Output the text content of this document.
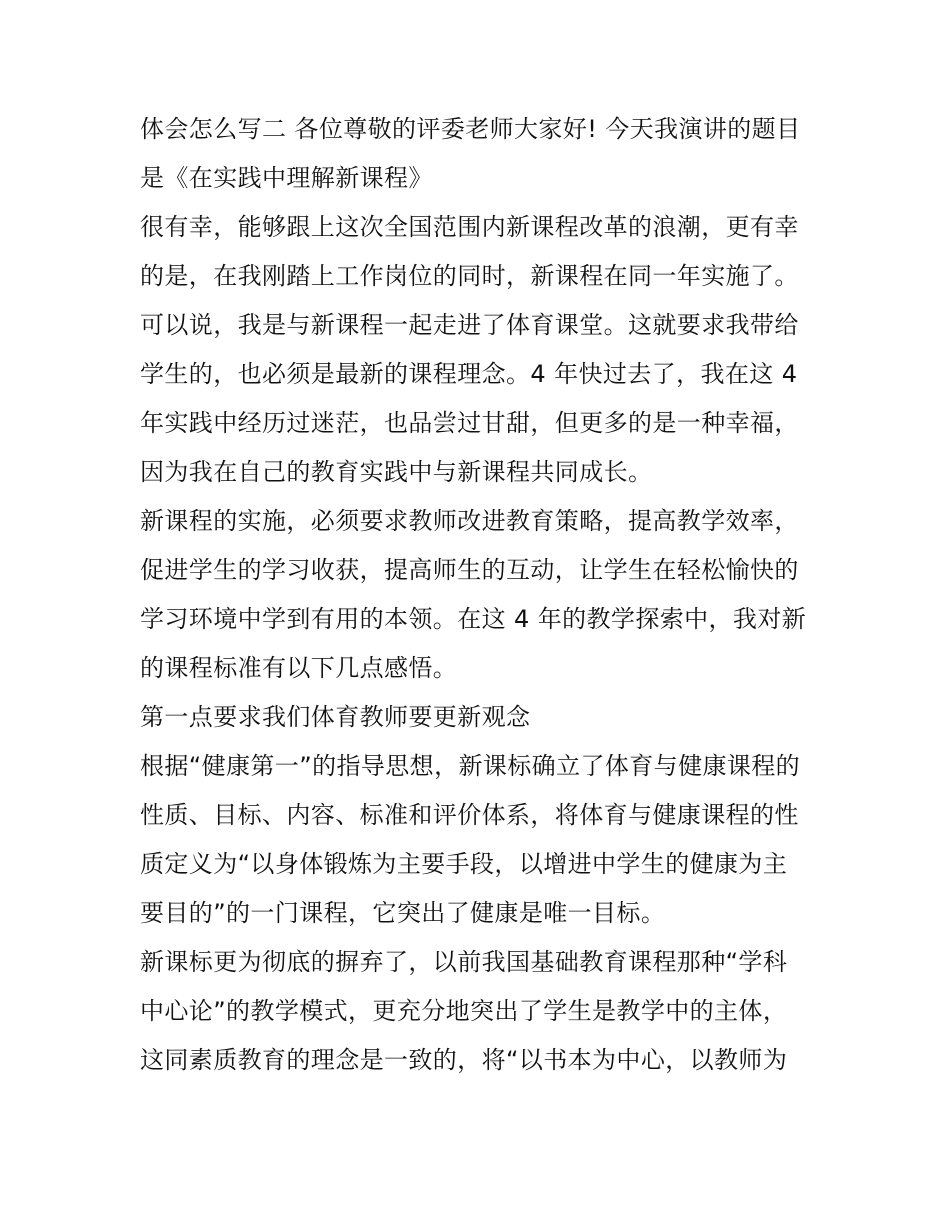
体会怎么写二 各位尊敬的评委老师大家好! 今天我演讲的题目
是《在实践中理解新课程》
很有幸，能够跟上这次全国范围内新课程改革的浪潮，更有幸
的是，在我刚踏上工作岗位的同时，新课程在同一年实施了。
可以说，我是与新课程一起走进了体育课堂。这就要求我带给
学生的，也必须是最新的课程理念。4 年快过去了，我在这 4
年实践中经历过迷茫，也品尝过甘甜，但更多的是一种幸福，
因为我在自己的教育实践中与新课程共同成长。
新课程的实施，必须要求教师改进教育策略，提高教学效率，
促进学生的学习收获，提高师生的互动，让学生在轻松愉快的
学习环境中学到有用的本领。在这 4 年的教学探索中，我对新
的课程标准有以下几点感悟。
第一点要求我们体育教师要更新观念
根据“健康第一”的指导思想，新课标确立了体育与健康课程的
性质、目标、内容、标准和评价体系，将体育与健康课程的性
质定义为“以身体锻炼为主要手段，以增进中学生的健康为主
要目的”的一门课程，它突出了健康是唯一目标。
新课标更为彻底的摒弃了，以前我国基础教育课程那种“学科
中心论”的教学模式，更充分地突出了学生是教学中的主体，
这同素质教育的理念是一致的，将“以书本为中心，以教师为
